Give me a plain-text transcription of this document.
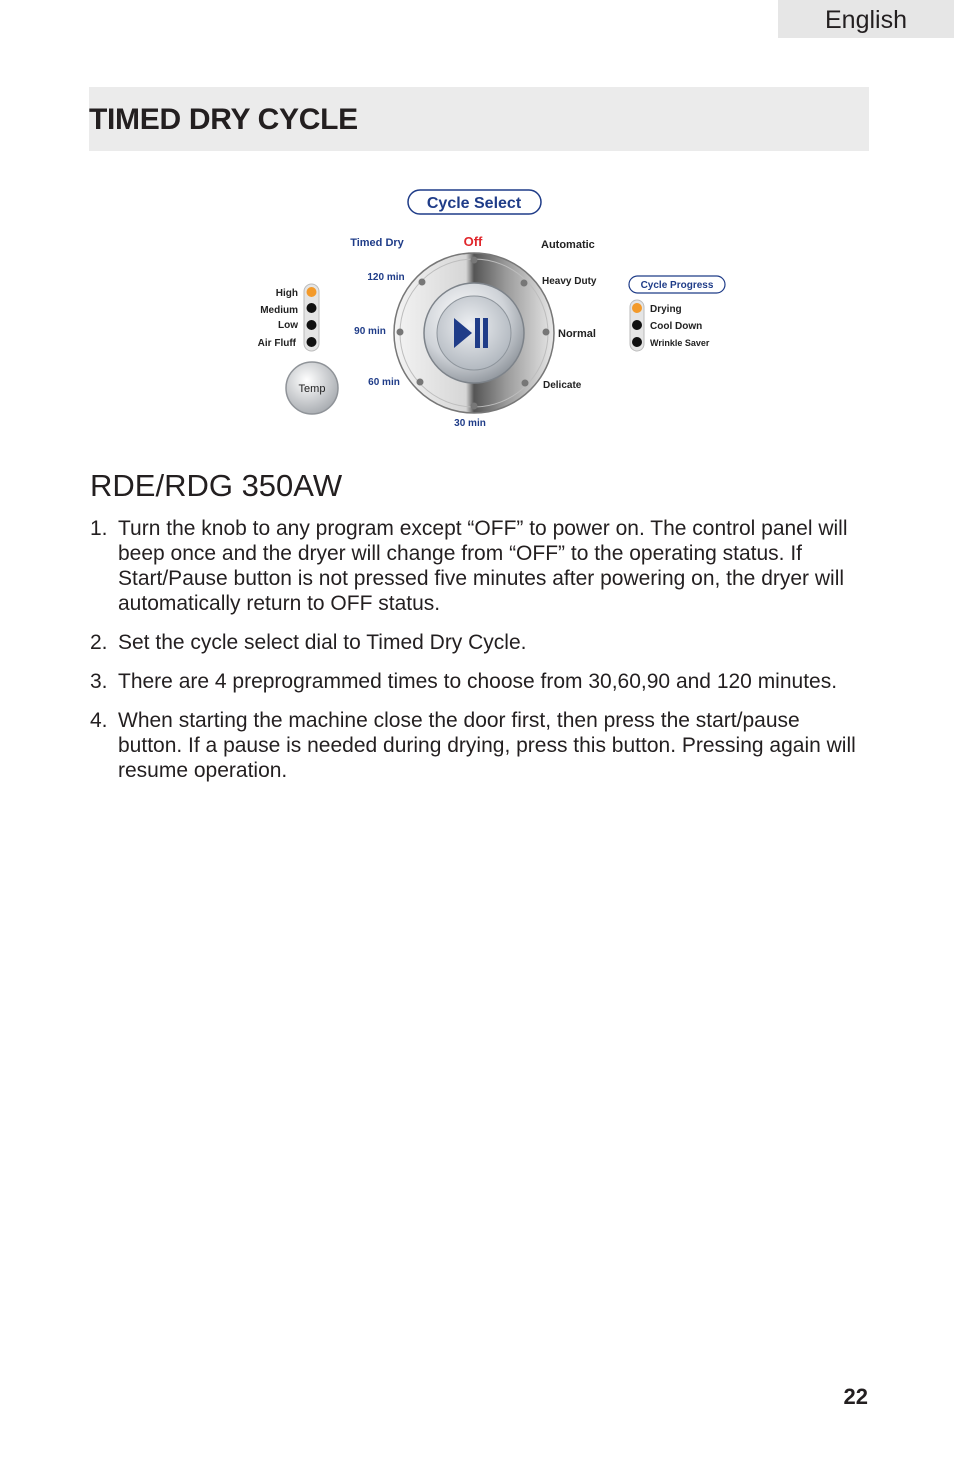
English
TIMED DRY CYCLE
Cycle Select
Timed Dry	Off	Automatic
120 min
90 min
60 min
30 min
Heavy Duty
Normal
Delicate
High
Medium
Low
Air Fluff
Temp
Cycle Progress
Drying
Cool Down
Wrinkle Saver
RDE/RDG 350AW
1. Turn the knob to any program except “OFF” to power on. The control panel will beep once and the dryer will change from “OFF” to the operating status. If Start/Pause button is not pressed five minutes after powering on, the dryer will automatically return to OFF status.
2. Set the cycle select dial to Timed Dry Cycle.
3. There are 4 preprogrammed times to choose from 30,60,90 and 120 minutes.
4. When starting the machine close the door first, then press the start/pause button. If a pause is needed during drying, press this button. Pressing again will resume operation.
22
